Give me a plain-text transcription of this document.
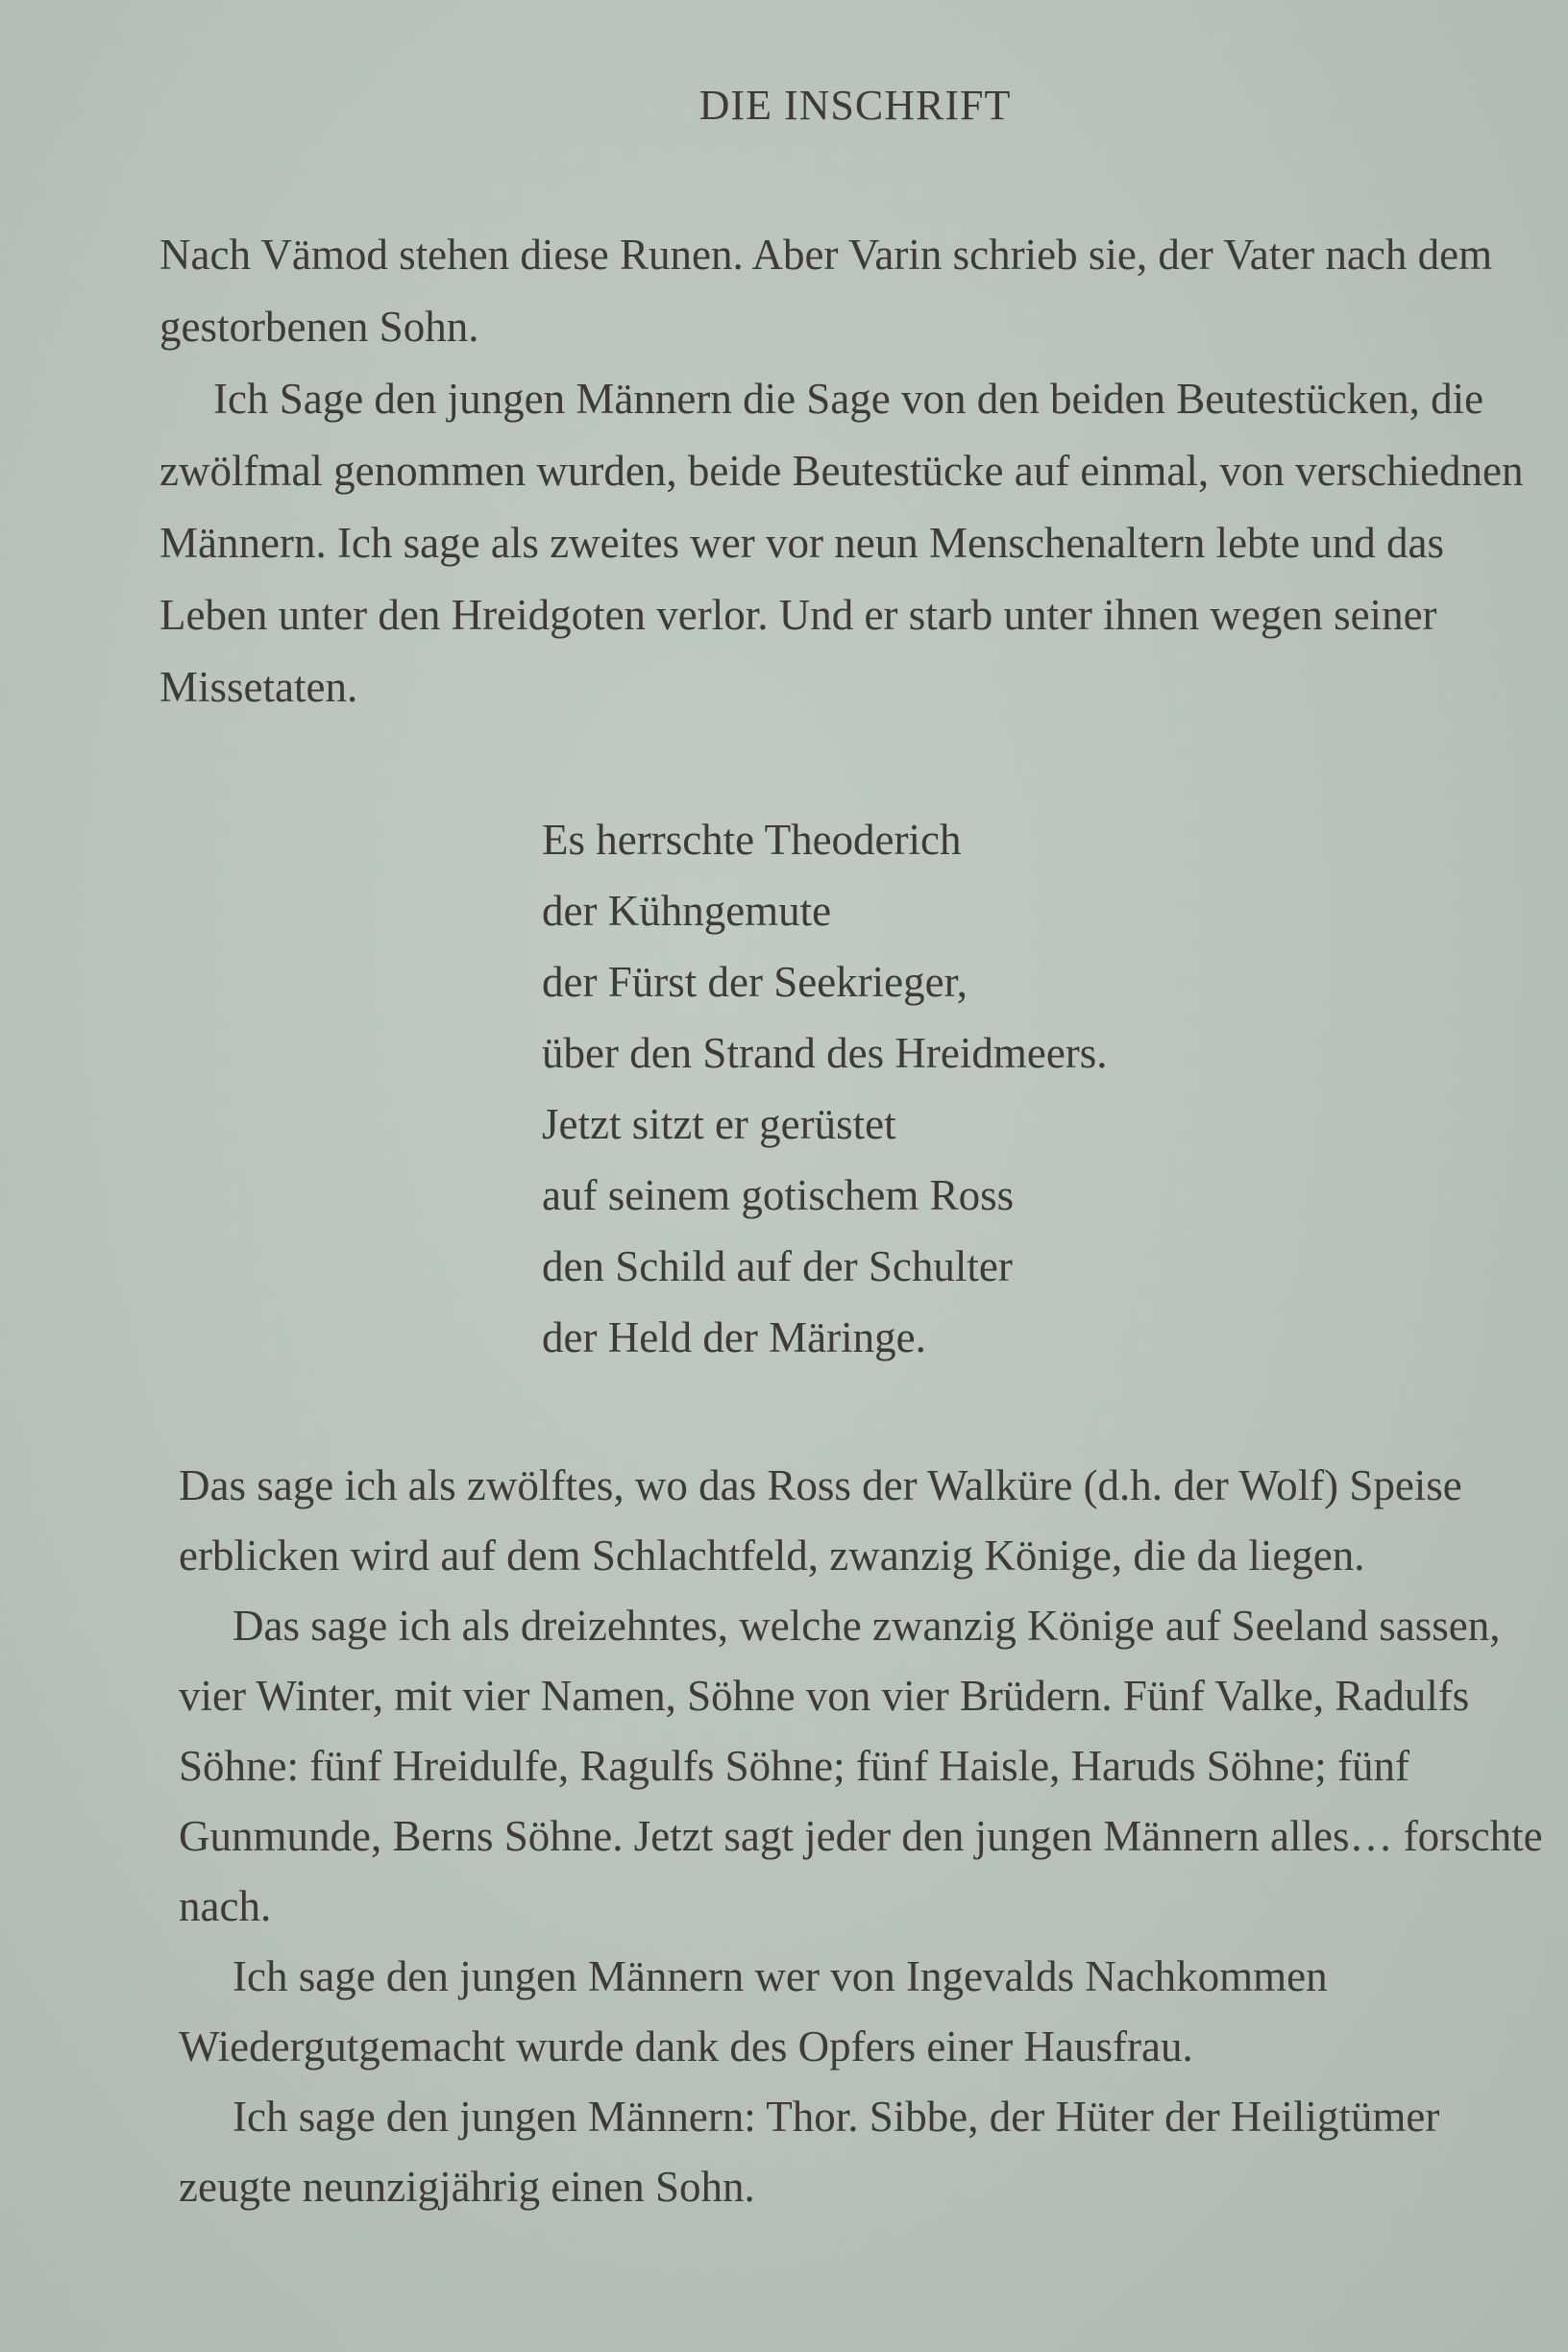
DIE INSCHRIFT

Nach Vämod stehen diese Runen. Aber Varin schrieb sie, der Vater nach dem gestorbenen Sohn.

Ich Sage den jungen Männern die Sage von den beiden Beutestücken, die zwölfmal genommen wurden, beide Beutestücke auf einmal, von verschiednen Männern. Ich sage als zweites wer vor neun Menschenaltern lebte und das Leben unter den Hreidgoten verlor. Und er starb unter ihnen wegen seiner Missetaten.

Es herrschte Theoderich
der Kühngemute
der Fürst der Seekrieger,
über den Strand des Hreidmeers.
Jetzt sitzt er gerüstet
auf seinem gotischem Ross
den Schild auf der Schulter
der Held der Märinge.

Das sage ich als zwölftes, wo das Ross der Walküre (d.h. der Wolf) Speise erblicken wird auf dem Schlachtfeld, zwanzig Könige, die da liegen.

Das sage ich als dreizehntes, welche zwanzig Könige auf Seeland sassen, vier Winter, mit vier Namen, Söhne von vier Brüdern. Fünf Valke, Radulfs Söhne: fünf Hreidulfe, Ragulfs Söhne; fünf Haisle, Haruds Söhne; fünf Gunmunde, Berns Söhne. Jetzt sagt jeder den jungen Männern alles… forschte nach.

Ich sage den jungen Männern wer von Ingevalds Nachkommen Wiedergutgemacht wurde dank des Opfers einer Hausfrau.

Ich sage den jungen Männern: Thor. Sibbe, der Hüter der Heiligtümer zeugte neunzigjährig einen Sohn.
